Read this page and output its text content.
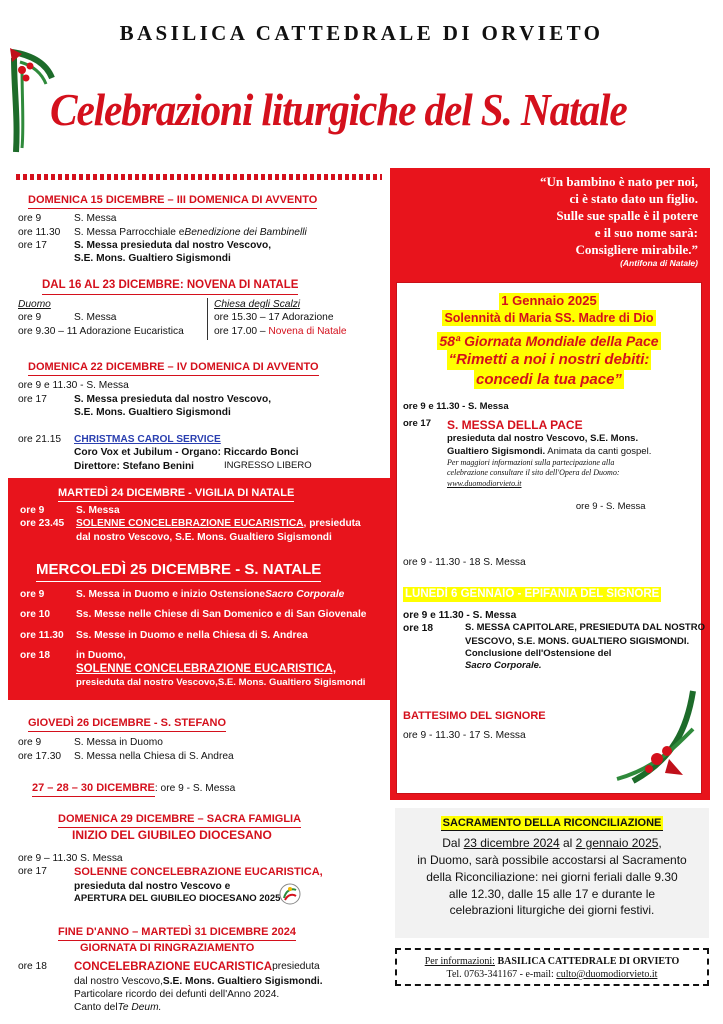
BASILICA CATTEDRALE DI ORVIETO
Celebrazioni liturgiche del S. Natale
DOMENICA 15 DICEMBRE – III DOMENICA DI AVVENTO
ore 9	S. Messa
ore 11.30	S. Messa Parrocchiale e Benedizione dei Bambinelli
ore 17	S. Messa presieduta dal nostro Vescovo,
S.E. Mons. Gualtiero Sigismondi
DAL 16 AL 23 DICEMBRE: NOVENA DI NATALE
Duomo
ore 9	S. Messa
ore 9.30 – 11 Adorazione Eucaristica
Chiesa degli Scalzi
ore 15.30 – 17 Adorazione
ore 17.00 – Novena di Natale
DOMENICA 22 DICEMBRE – IV DOMENICA DI AVVENTO
ore 9 e 11.30 - S. Messa
ore 17	S. Messa presieduta dal nostro Vescovo,
S.E. Mons. Gualtiero Sigismondi
ore 21.15	CHRISTMAS CAROL SERVICE
Coro Vox et Jubilum - Organo: Riccardo Bonci
Direttore: Stefano Benini	INGRESSO LIBERO
MARTEDÌ 24 DICEMBRE - VIGILIA DI NATALE
ore 9	S. Messa
ore 23.45	SOLENNE CONCELEBRAZIONE EUCARISTICA , presieduta
dal nostro Vescovo, S.E. Mons. Gualtiero Sigismondi
MERCOLEDÌ 25 DICEMBRE - S. NATALE
ore 9	S. Messa in Duomo e inizio Ostensione Sacro Corporale
ore 10	Ss. Messe nelle Chiese di San Domenico e di San Giovenale
ore 11.30	Ss. Messe in Duomo e nella Chiesa di S. Andrea
ore 18	in Duomo,
SOLENNE CONCELEBRAZIONE EUCARISTICA,
presieduta dal nostro Vescovo,S.E. Mons. Gualtiero Sigismondi
GIOVEDÌ 26 DICEMBRE - S. STEFANO
ore 9	S. Messa in Duomo
ore 17.30	S. Messa nella Chiesa di S. Andrea
27 – 28 – 30 DICEMBRE: ore 9 - S. Messa
DOMENICA 29 DICEMBRE – SACRA FAMIGLIA
INIZIO DEL GIUBILEO DIOCESANO
ore 9 – 11.30 S. Messa
ore 17	SOLENNE CONCELEBRAZIONE EUCARISTICA,
presieduta dal nostro Vescovo e
APERTURA DEL GIUBILEO DIOCESANO 2025
FINE D'ANNO – MARTEDÌ 31 DICEMBRE 2024
GIORNATA DI RINGRAZIAMENTO
ore 18	CONCELEBRAZIONE EUCARISTICA presieduta
dal nostro Vescovo, S.E. Mons. Gualtiero Sigismondi.
Particolare ricordo dei defunti dell'Anno 2024.
Canto del Te Deum.
“Un bambino è nato per noi,
ci è stato dato un figlio.
Sulle sue spalle è il potere
e il suo nome sarà:
Consigliere mirabile.”
(Antifona di Natale)
1 Gennaio 2025
Solennità di Maria SS. Madre di Dio
58ª Giornata Mondiale della Pace
“Rimetti a noi i nostri debiti:
concedi la tua pace”
ore 9 e 11.30 - S. Messa
ore 17	S. MESSA DELLA PACE
presieduta dal nostro Vescovo, S.E. Mons.
Gualtiero Sigismondi. Animata da canti gospel.
Per maggiori informazioni sulla partecipazione alla
celebrazione consultare il sito dell'Opera del Duomo:
www.duomodiorvieto.it
GIOVEDÌ 2 - VENERDÌ 3 - SABATO 4: ore 9 - S. Messa
DOMENICA 5 GENNAIO
ore 9 - 11.30 - 18 S. Messa
LUNEDÌ 6 GENNAIO - EPIFANIA DEL SIGNORE
ore 9 e 11.30 - S. Messa
ore 18	S. MESSA CAPITOLARE, PRESIEDUTA DAL NOSTRO
VESCOVO, S.E. MONS. GUALTIERO SIGISMONDI.
Conclusione dell'Ostensione del
Sacro Corporale.
DOMENICA 12 GENNAIO
BATTESIMO DEL SIGNORE
ore 9 - 11.30 - 17 S. Messa
SACRAMENTO DELLA RICONCILIAZIONE
Dal 23 dicembre 2024 al 2 gennaio 2025,
in Duomo, sarà possibile accostarsi al Sacramento
della Riconciliazione: nei giorni feriali dalle 9.30
alle 12.30, dalle 15 alle 17 e durante le
celebrazioni liturgiche dei giorni festivi.
Per informazioni: BASILICA CATTEDRALE DI ORVIETO
Tel. 0763-341167 - e-mail: culto@duomodiorvieto.it
